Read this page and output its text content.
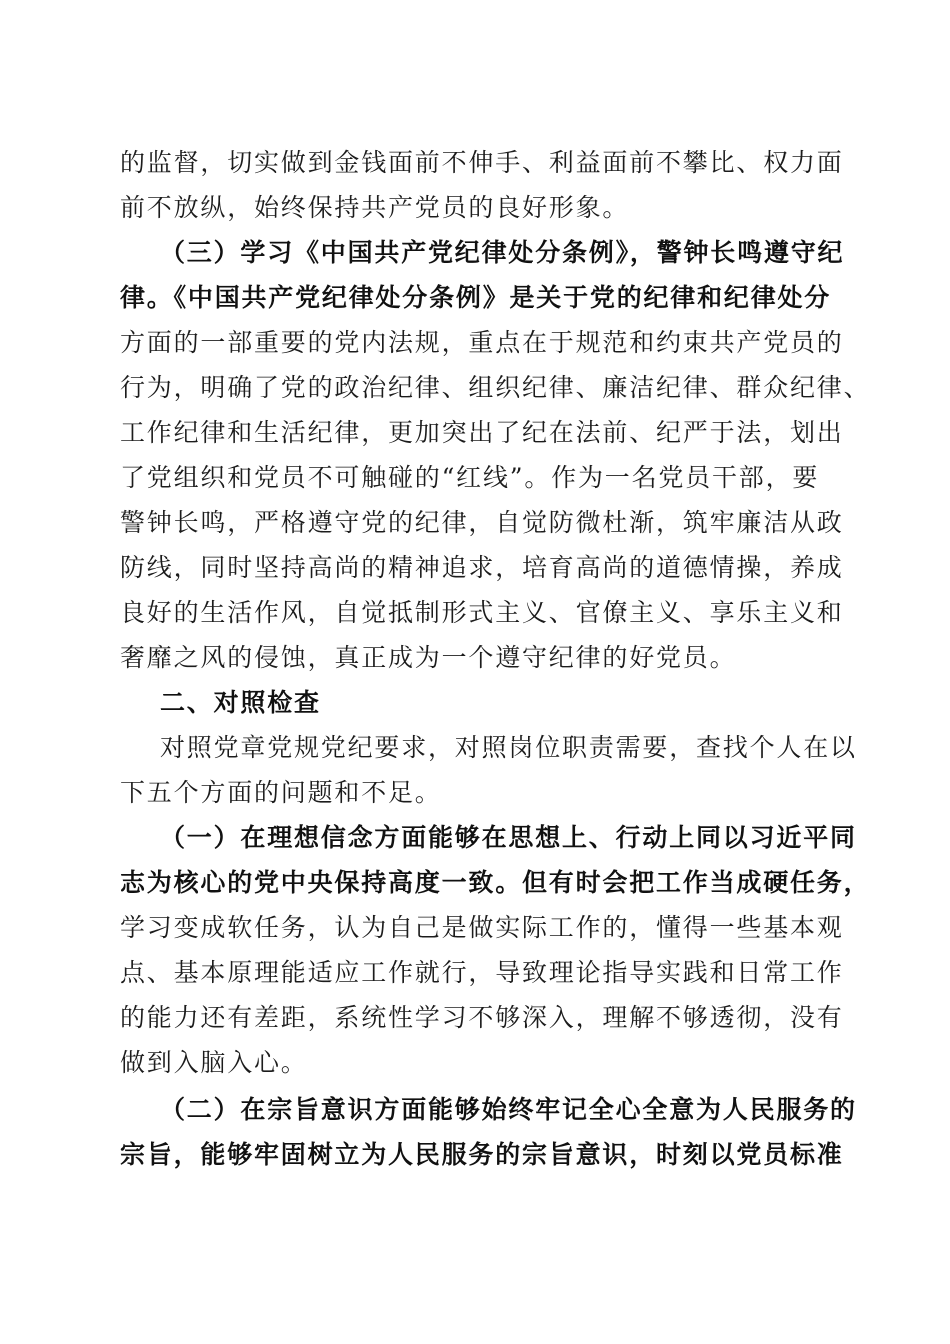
的监督，切实做到金钱面前不伸手、利益面前不攀比、权力面
前不放纵，始终保持共产党员的良好形象。
（三）学习《中国共产党纪律处分条例》，警钟长鸣遵守纪
律。《中国共产党纪律处分条例》是关于党的纪律和纪律处分
方面的一部重要的党内法规，重点在于规范和约束共产党员的
行为，明确了党的政治纪律、组织纪律、廉洁纪律、群众纪律、
工作纪律和生活纪律，更加突出了纪在法前、纪严于法，划出
了党组织和党员不可触碰的“红线”。作为一名党员干部，要
警钟长鸣，严格遵守党的纪律，自觉防微杜渐，筑牢廉洁从政
防线，同时坚持高尚的精神追求，培育高尚的道德情操，养成
良好的生活作风，自觉抵制形式主义、官僚主义、享乐主义和
奢靡之风的侵蚀，真正成为一个遵守纪律的好党员。
二、对照检查
对照党章党规党纪要求，对照岗位职责需要，查找个人在以
下五个方面的问题和不足。
（一）在理想信念方面能够在思想上、行动上同以习近平同
志为核心的党中央保持高度一致。但有时会把工作当成硬任务，
学习变成软任务，认为自己是做实际工作的，懂得一些基本观
点、基本原理能适应工作就行，导致理论指导实践和日常工作
的能力还有差距，系统性学习不够深入，理解不够透彻，没有
做到入脑入心。
（二）在宗旨意识方面能够始终牢记全心全意为人民服务的
宗旨，能够牢固树立为人民服务的宗旨意识，时刻以党员标准
